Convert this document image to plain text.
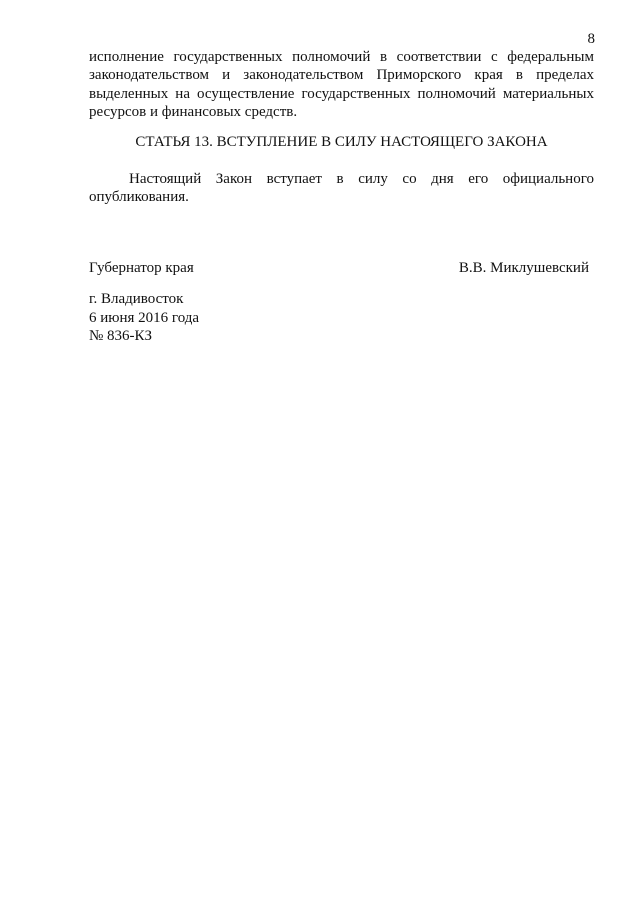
8
исполнение государственных полномочий в соответствии с федеральным законодательством и законодательством Приморского края в пределах выделенных на осуществление государственных полномочий материальных ресурсов и финансовых средств.
СТАТЬЯ 13. ВСТУПЛЕНИЕ В СИЛУ НАСТОЯЩЕГО ЗАКОНА
Настоящий Закон вступает в силу со дня его официального опубликования.
Губернатор края	В.В. Миклушевский
г. Владивосток
6 июня 2016 года
№ 836-КЗ
